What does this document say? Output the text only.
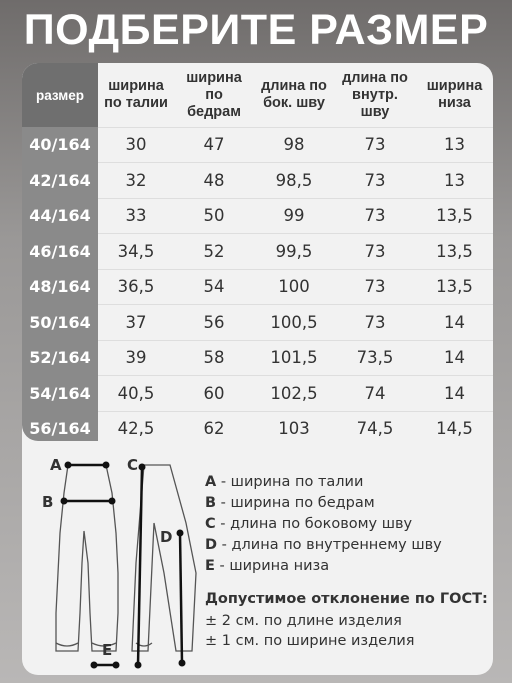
ПОДБЕРИТЕ РАЗМЕР
размер	ширина по талии	ширина по бедрам	длина по бок. шву	длина по внутр. шву	ширина низа

40/164	30	47	98	73	13
42/164	32	48	98,5	73	13
44/164	33	50	99	73	13,5
46/164	34,5	52	99,5	73	13,5
48/164	36,5	54	100	73	13,5
50/164	37	56	100,5	73	14
52/164	39	58	101,5	73,5	14
54/164	40,5	60	102,5	74	14
56/164	42,5	62	103	74,5	14,5
A
B
C
D
E
A - ширина по талии
B - ширина по бедрам
C - длина по боковому шву
D - длина по внутреннему шву
E - ширина низа
Допустимое отклонение по ГОСТ:
± 2 см. по длине изделия
± 1 см. по ширине изделия
